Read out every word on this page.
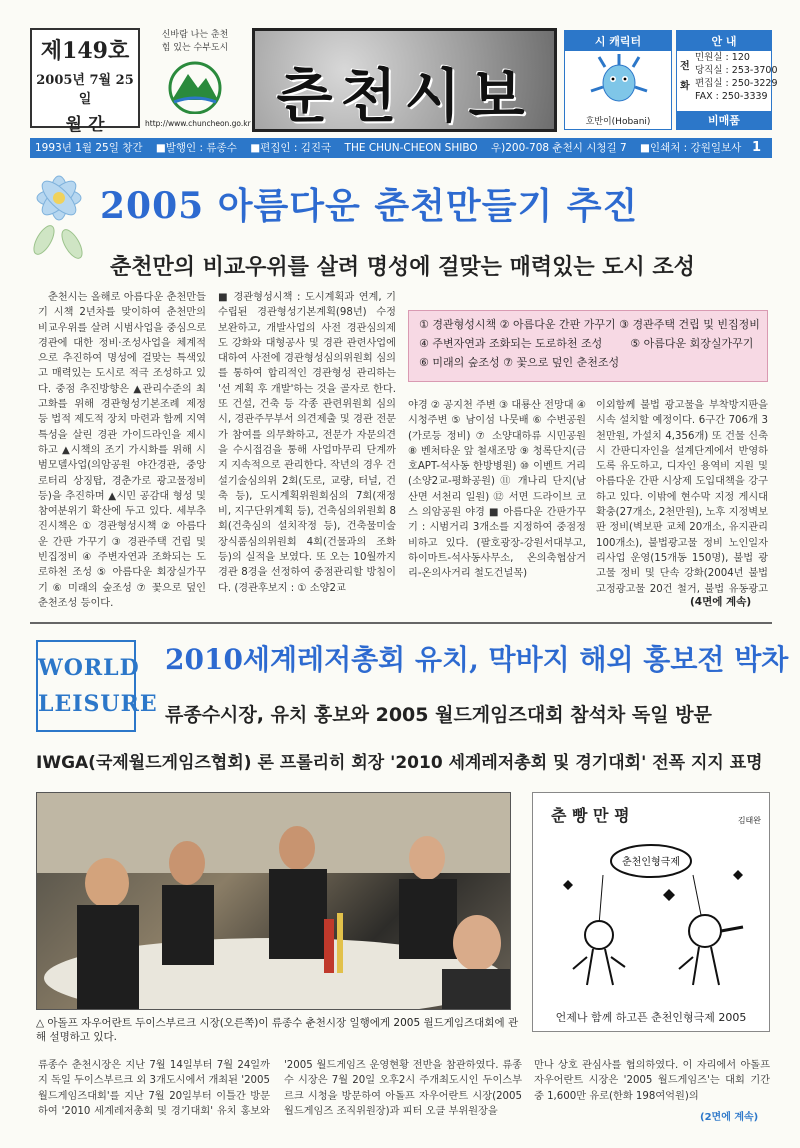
제149호
2005년 7월 25일
월 간
신바람 나는 춘천
힘 있는 수부도시
http://www.chuncheon.go.kr 춘천시보
시 캐릭터
호반이(Hobani)
안 내
전화
민원실 : 120
당직실 : 253-3700
편집실 : 250-3229
FAX : 250-3339
비매품
1993년 1월 25일 창간 ■발행인 : 류종수 ■편집인 : 김진국 THE CHUN-CHEON SHIBO 우)200-708 춘천시 시청길 7 ■인쇄처 : 강원일보사 1
2005 아름다운 춘천만들기 추진
춘천만의 비교우위를 살려 명성에 걸맞는 매력있는 도시 조성
춘천시는 올해로 아름다운 춘천만들기 시책 2년차를 맞이하여 춘천만의 비교우위를 살려 시범사업을 중심으로 경관에 대한 정비·조성사업을 체계적으로 추진하여 명성에 걸맞는 특색있고 매력있는 도시로 적극 조성하고 있다. 중점 추진방향은 ▲관리수준의 최고화를 위해 경관형성기본조례 제정 등 법적 제도적 장치 마련과 함께 지역특성을 살린 경관 가이드라인을 제시하고 ▲시책의 조기 가시화를 위해 시범모델사업(의암공원 야간경관, 중앙로터리 상징탑, 경춘가로 광고물정비 등)을 추진하며 ▲시민 공감대 형성 및 참여분위기 확산에 두고 있다. 세부추진시책은 ① 경관형성시책 ② 아름다운 간판 가꾸기 ③ 경관주택 건립 및 빈집정비 ④ 주변자연과 조화되는 도로하천 조성 ⑤ 아름다운 회장실가꾸기 ⑥ 미래의 숲조성 ⑦ 꽃으로 덮인 춘천조성 등이다.
■ 경관형성시책 : 도시계획과 연계, 기 수립된 경관형성기본계획(98년) 수정 보완하고, 개발사업의 사전 경관심의제도 강화와 대형공사 및 경관 관련사업에 대하여 사전에 경관형성심의위원회 심의를 통하여 합리적인 경관형성 관리하는 '선 계획 후 개발'하는 것을 골자로 한다. 또 건설, 건축 등 각종 관련위원회 심의시, 경관주무부서 의견제출 및 경관 전문가 참여를 의무화하고, 전문가 자문의견을 수시접검을 통해 사업마무리 단계까지 지속적으로 관리한다. 작년의 경우 건설기술심의위 2회(도로, 교량, 터널, 건축 등), 도시계획위원회심의 7회(재정비, 지구단위계획 등), 건축심의위원회 8회(건축심의 설치작정 등), 건축물미술장식품심의위원회 4회(건물과의 조화 등)의 실적을 보였다. 또 오는 10월까지 경관 8경을 선정하여 중점관리할 방침이다. (경관후보지 : ① 소양2교
① 경관형성시책 ② 아름다운 간판 가꾸기 ③ 경관주택 건립 및 빈집정비
④ 주변자연과 조화되는 도로하천 조성        ⑤ 아름다운 회장실가꾸기
⑥ 미래의 숲조성 ⑦ 꽃으로 덮인 춘천조성
야경 ② 공지천 주변 ③ 대룡산 전망대 ④ 시청주변 ⑤ 남이섬 나뭇배 ⑥ 수변공원(가로등 정비) ⑦ 소양대하류 시민공원 ⑧ 벤처타운 앞 철새조망 ⑨ 청록단지(금호APT-석사동 한방병원) ⑩ 이벤트 거리(소양2교-평화공원) ⑪ 개나리 단지(남산면 서천리 일원) ⑫ 서면 드라이브 코스 의암공원 야경 ■ 아름다운 간판가꾸기 : 시범거리 3개소를 지정하여 중점정비하고 있다. (팔호광장-강원서대부고, 하이마트-석사동사무소, 온의축협삼거리-온의사거리 철도건널목)
이외함께 불법 광고물을 부착방지판을 시속 설치할 예정이다. 6구간 706개 3천만원, 가설치 4,356개) 또 건물 신축시 간판디자인을 설계단계에서 반영하도록 유도하고, 디자인 용역비 지원 및 아름다운 간판 시상제 도입대책을 강구하고 있다. 이밖에 현수막 지정 게시대 확충(27개소, 2천만원), 노후 지정벽보판 정비(벽보판 교체 20개소, 유지관리 100개소), 불법광고물 정비 노인일자리사업 운영(15개동 150명), 불법 광고물 정비 및 단속 강화(2004년 불법 고정광고물 20건 철거, 불법 유동광고
(4면에 계속)
WORLD
LEISURE
2010세계레저총회 유치, 막바지 해외 홍보전 박차
류종수시장, 유치 홍보와 2005 월드게임즈대회 참석차 독일 방문
IWGA(국제월드게임즈협회) 론 프롤리히 회장 '2010 세계레저총회 및 경기대회' 전폭 지지 표명
△ 아돌프 자우어란트 두이스부르크 시장(오른쪽)이 류종수 춘천시장 일행에게 2005 월드게임즈대회에 관해 설명하고 있다.
춘 빵 만 평	김태완
춘천인형극제
언제나 함께 하고픈 춘천인형극제 2005
류종수 춘천시장은 지난 7월 14일부터 7월 24일까지 독일 두이스부르크 외 3개도시에서 개최된 '2005 월드게임즈대회'를 지난 7월 20일부터 이틀간 방문하여 '2010 세계레저총회 및 경기대회' 유치 홍보와
'2005 월드게임즈 운영현황 전반을 참관하였다. 류종수 시장은 7월 20일 오후2시 주개최도시인 두이스부르크 시청을 방문하여 아돌프 자우어란트 시장(2005 월드게임즈 조직위원장)과 피터 오클 부위원장을
만나 상호 관심사를 협의하였다. 이 자리에서 아돌프 자우어란트 시장은 '2005 월드게임즈'는 대회 기간 중 1,600만 유로(한화 198여억원)의
(2면에 계속)
